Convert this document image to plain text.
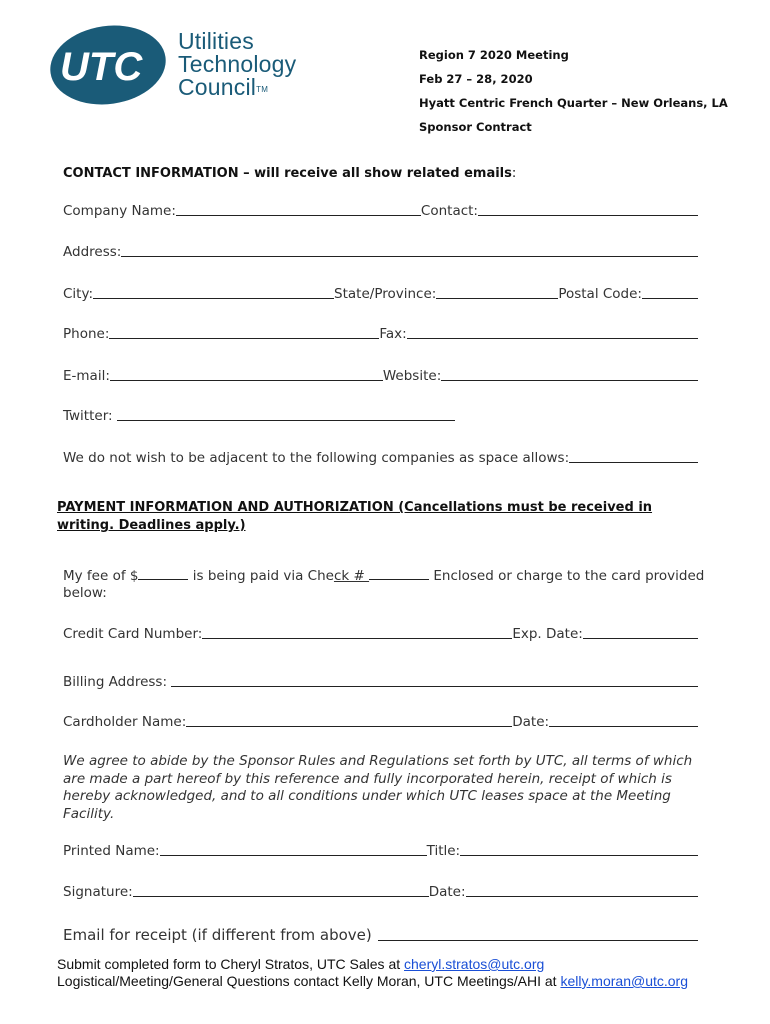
UTC
Utilities
Technology
Council™
Region 7 2020 Meeting
Feb 27 – 28, 2020
Hyatt Centric French Quarter – New Orleans, LA
Sponsor Contract
CONTACT INFORMATION – will receive all show related emails:
Company Name:	Contact:
Address:
City:	State/Province:	Postal Code:
Phone:	Fax:
E-mail:	Website:
Twitter:
We do not wish to be adjacent to the following companies as space allows:
PAYMENT INFORMATION AND AUTHORIZATION (Cancellations must be received in writing. Deadlines apply.)
My fee of $	is being paid via Check #	Enclosed or charge to the card provided below:
Credit Card Number:	Exp. Date:
Billing Address:
Cardholder Name:	Date:
We agree to abide by the Sponsor Rules and Regulations set forth by UTC, all terms of which are made a part hereof by this reference and fully incorporated herein, receipt of which is hereby acknowledged, and to all conditions under which UTC leases space at the Meeting Facility.
Printed Name:	Title:
Signature:	Date:
Email for receipt (if different from above)
Submit completed form to Cheryl Stratos, UTC Sales at cheryl.stratos@utc.org
Logistical/Meeting/General Questions contact Kelly Moran, UTC Meetings/AHI at kelly.moran@utc.org
